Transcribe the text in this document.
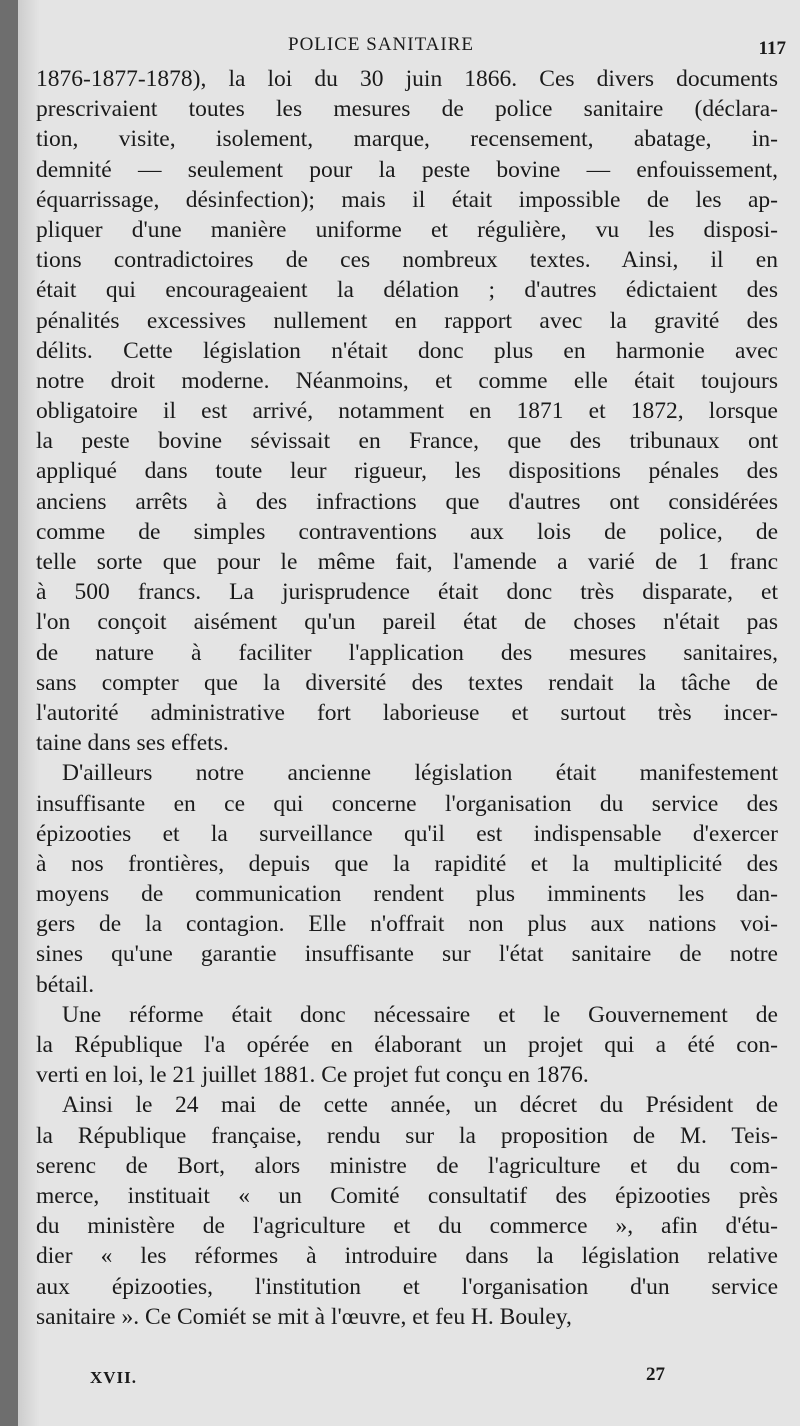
POLICE SANITAIRE	117
1876-1877-1878), la loi du 30 juin 1866. Ces divers documents
prescrivaient toutes les mesures de police sanitaire (déclara-
tion, visite, isolement, marque, recensement, abatage, in-
demnité — seulement pour la peste bovine — enfouissement,
équarrissage, désinfection); mais il était impossible de les ap-
pliquer d'une manière uniforme et régulière, vu les disposi-
tions contradictoires de ces nombreux textes. Ainsi, il en
était qui encourageaient la délation ; d'autres édictaient des
pénalités excessives nullement en rapport avec la gravité des
délits. Cette législation n'était donc plus en harmonie avec
notre droit moderne. Néanmoins, et comme elle était toujours
obligatoire il est arrivé, notamment en 1871 et 1872, lorsque
la peste bovine sévissait en France, que des tribunaux ont
appliqué dans toute leur rigueur, les dispositions pénales des
anciens arrêts à des infractions que d'autres ont considérées
comme de simples contraventions aux lois de police, de
telle sorte que pour le même fait, l'amende a varié de 1 franc
à 500 francs. La jurisprudence était donc très disparate, et
l'on conçoit aisément qu'un pareil état de choses n'était pas
de nature à faciliter l'application des mesures sanitaires,
sans compter que la diversité des textes rendait la tâche de
l'autorité administrative fort laborieuse et surtout très incer-
taine dans ses effets.
D'ailleurs notre ancienne législation était manifestement
insuffisante en ce qui concerne l'organisation du service des
épizooties et la surveillance qu'il est indispensable d'exercer
à nos frontières, depuis que la rapidité et la multiplicité des
moyens de communication rendent plus imminents les dan-
gers de la contagion. Elle n'offrait non plus aux nations voi-
sines qu'une garantie insuffisante sur l'état sanitaire de notre
bétail.
Une réforme était donc nécessaire et le Gouvernement de
la République l'a opérée en élaborant un projet qui a été con-
verti en loi, le 21 juillet 1881. Ce projet fut conçu en 1876.
Ainsi le 24 mai de cette année, un décret du Président de
la République française, rendu sur la proposition de M. Teis-
serenc de Bort, alors ministre de l'agriculture et du com-
merce, instituait « un Comité consultatif des épizooties près
du ministère de l'agriculture et du commerce », afin d'étu-
dier « les réformes à introduire dans la législation relative
aux épizooties, l'institution et l'organisation d'un service
sanitaire ». Ce Comiét se mit à l'œuvre, et feu H. Bouley,
XVII.	27
